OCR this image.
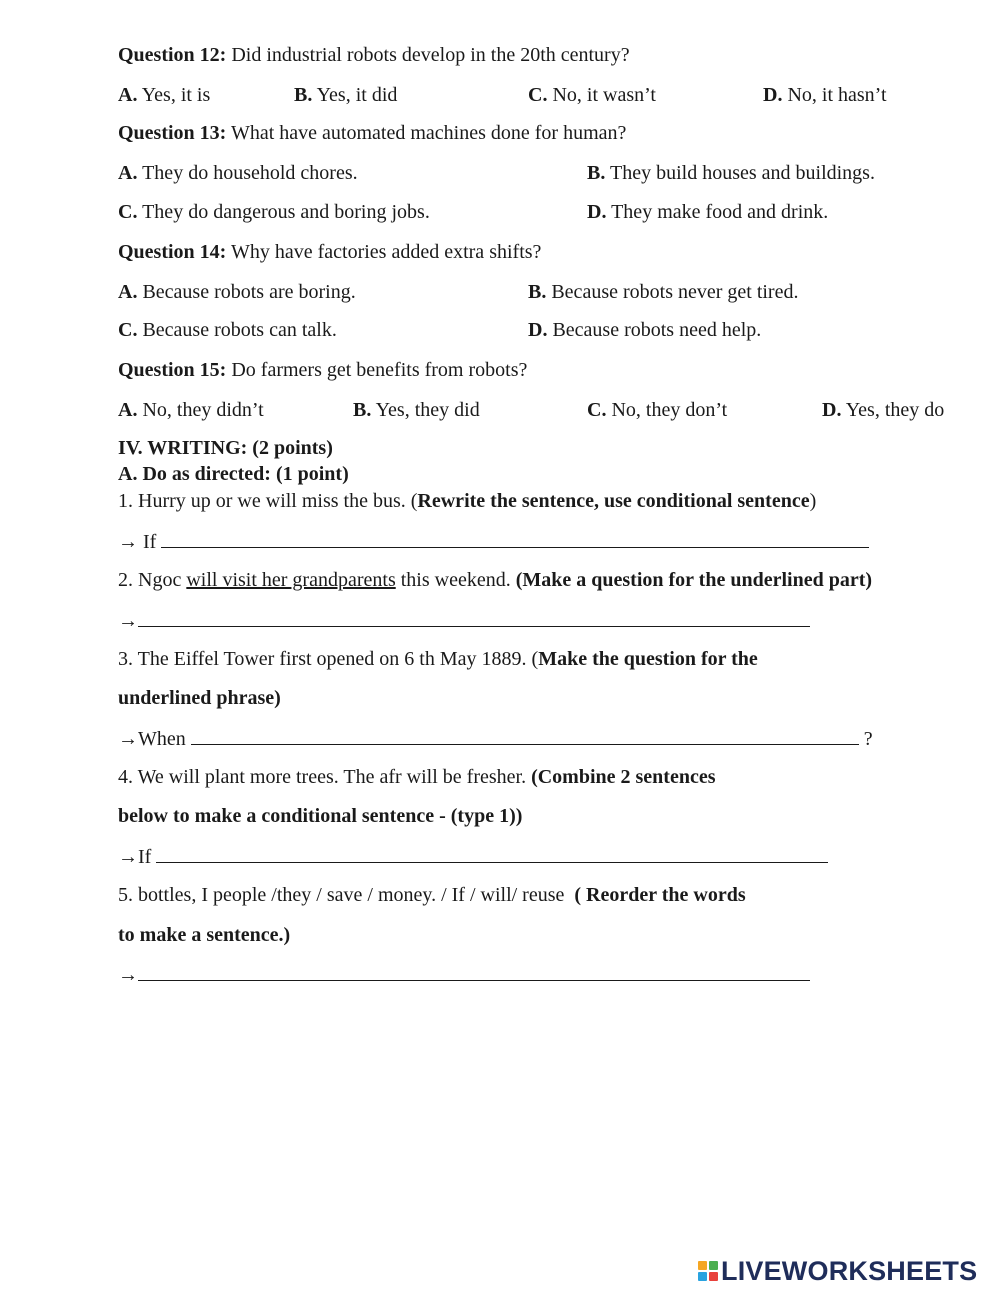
Question 12: Did industrial robots develop in the 20th century?
A. Yes, it is	B. Yes, it did	C. No, it wasn’t	D. No, it hasn’t
Question 13: What have automated machines done for human?
A. They do household chores.	B. They build houses and buildings.
C. They do dangerous and boring jobs.	D. They make food and drink.
Question 14: Why have factories added extra shifts?
A. Because robots are boring.	B. Because robots never get tired.
C. Because robots can talk.	D. Because robots need help.
Question 15: Do farmers get benefits from robots?
A. No, they didn’t	B. Yes, they did	C. No, they don’t	D. Yes, they do
IV. WRITING: (2 points)
A. Do as directed: (1 point)
1. Hurry up or we will miss the bus. (Rewrite the sentence, use conditional sentence)
→ If
2. Ngoc will visit her grandparents this weekend. (Make a question for the underlined part)
→
3. The Eiffel Tower first opened on 6 th May 1889. (Make the question for the
underlined phrase)
→When	?
4. We will plant more trees. The afr will be fresher. (Combine 2 sentences
below to make a conditional sentence - (type 1))
→If
5. bottles, I people /they / save / money. / If / will/ reuse  ( Reorder the words
to make a sentence.)
→
LIVEWORKSHEETS
